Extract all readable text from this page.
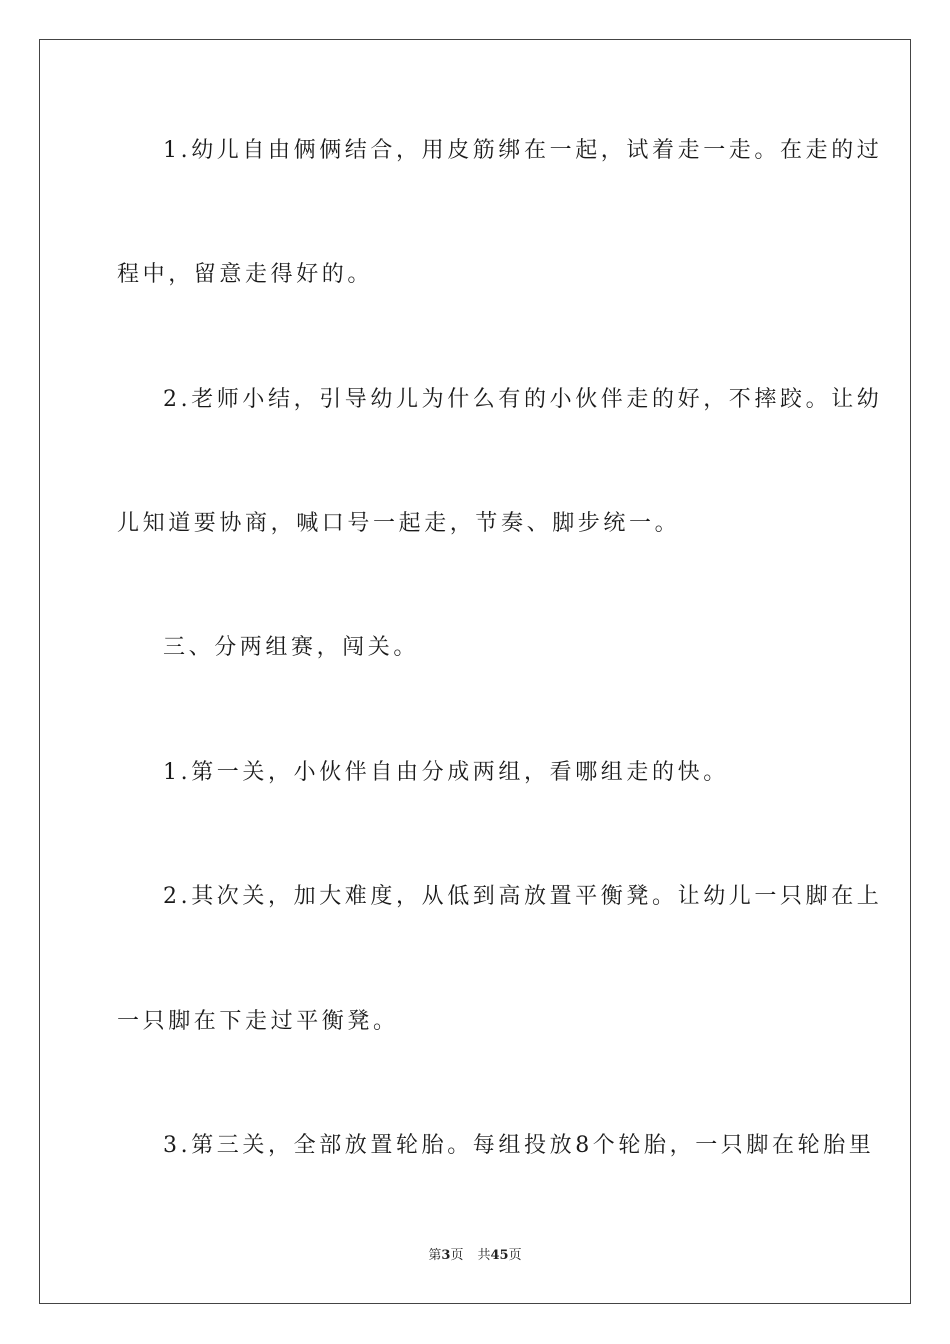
1.幼儿自由俩俩结合，用皮筋绑在一起，试着走一走。在走的过
程中，留意走得好的。
2.老师小结，引导幼儿为什么有的小伙伴走的好，不摔跤。让幼
儿知道要协商，喊口号一起走，节奏、脚步统一。
三、分两组赛，闯关。
1.第一关，小伙伴自由分成两组，看哪组走的快。
2.其次关，加大难度，从低到高放置平衡凳。让幼儿一只脚在上
一只脚在下走过平衡凳。
3.第三关，全部放置轮胎。每组投放8个轮胎，一只脚在轮胎里
第3页 共45页
